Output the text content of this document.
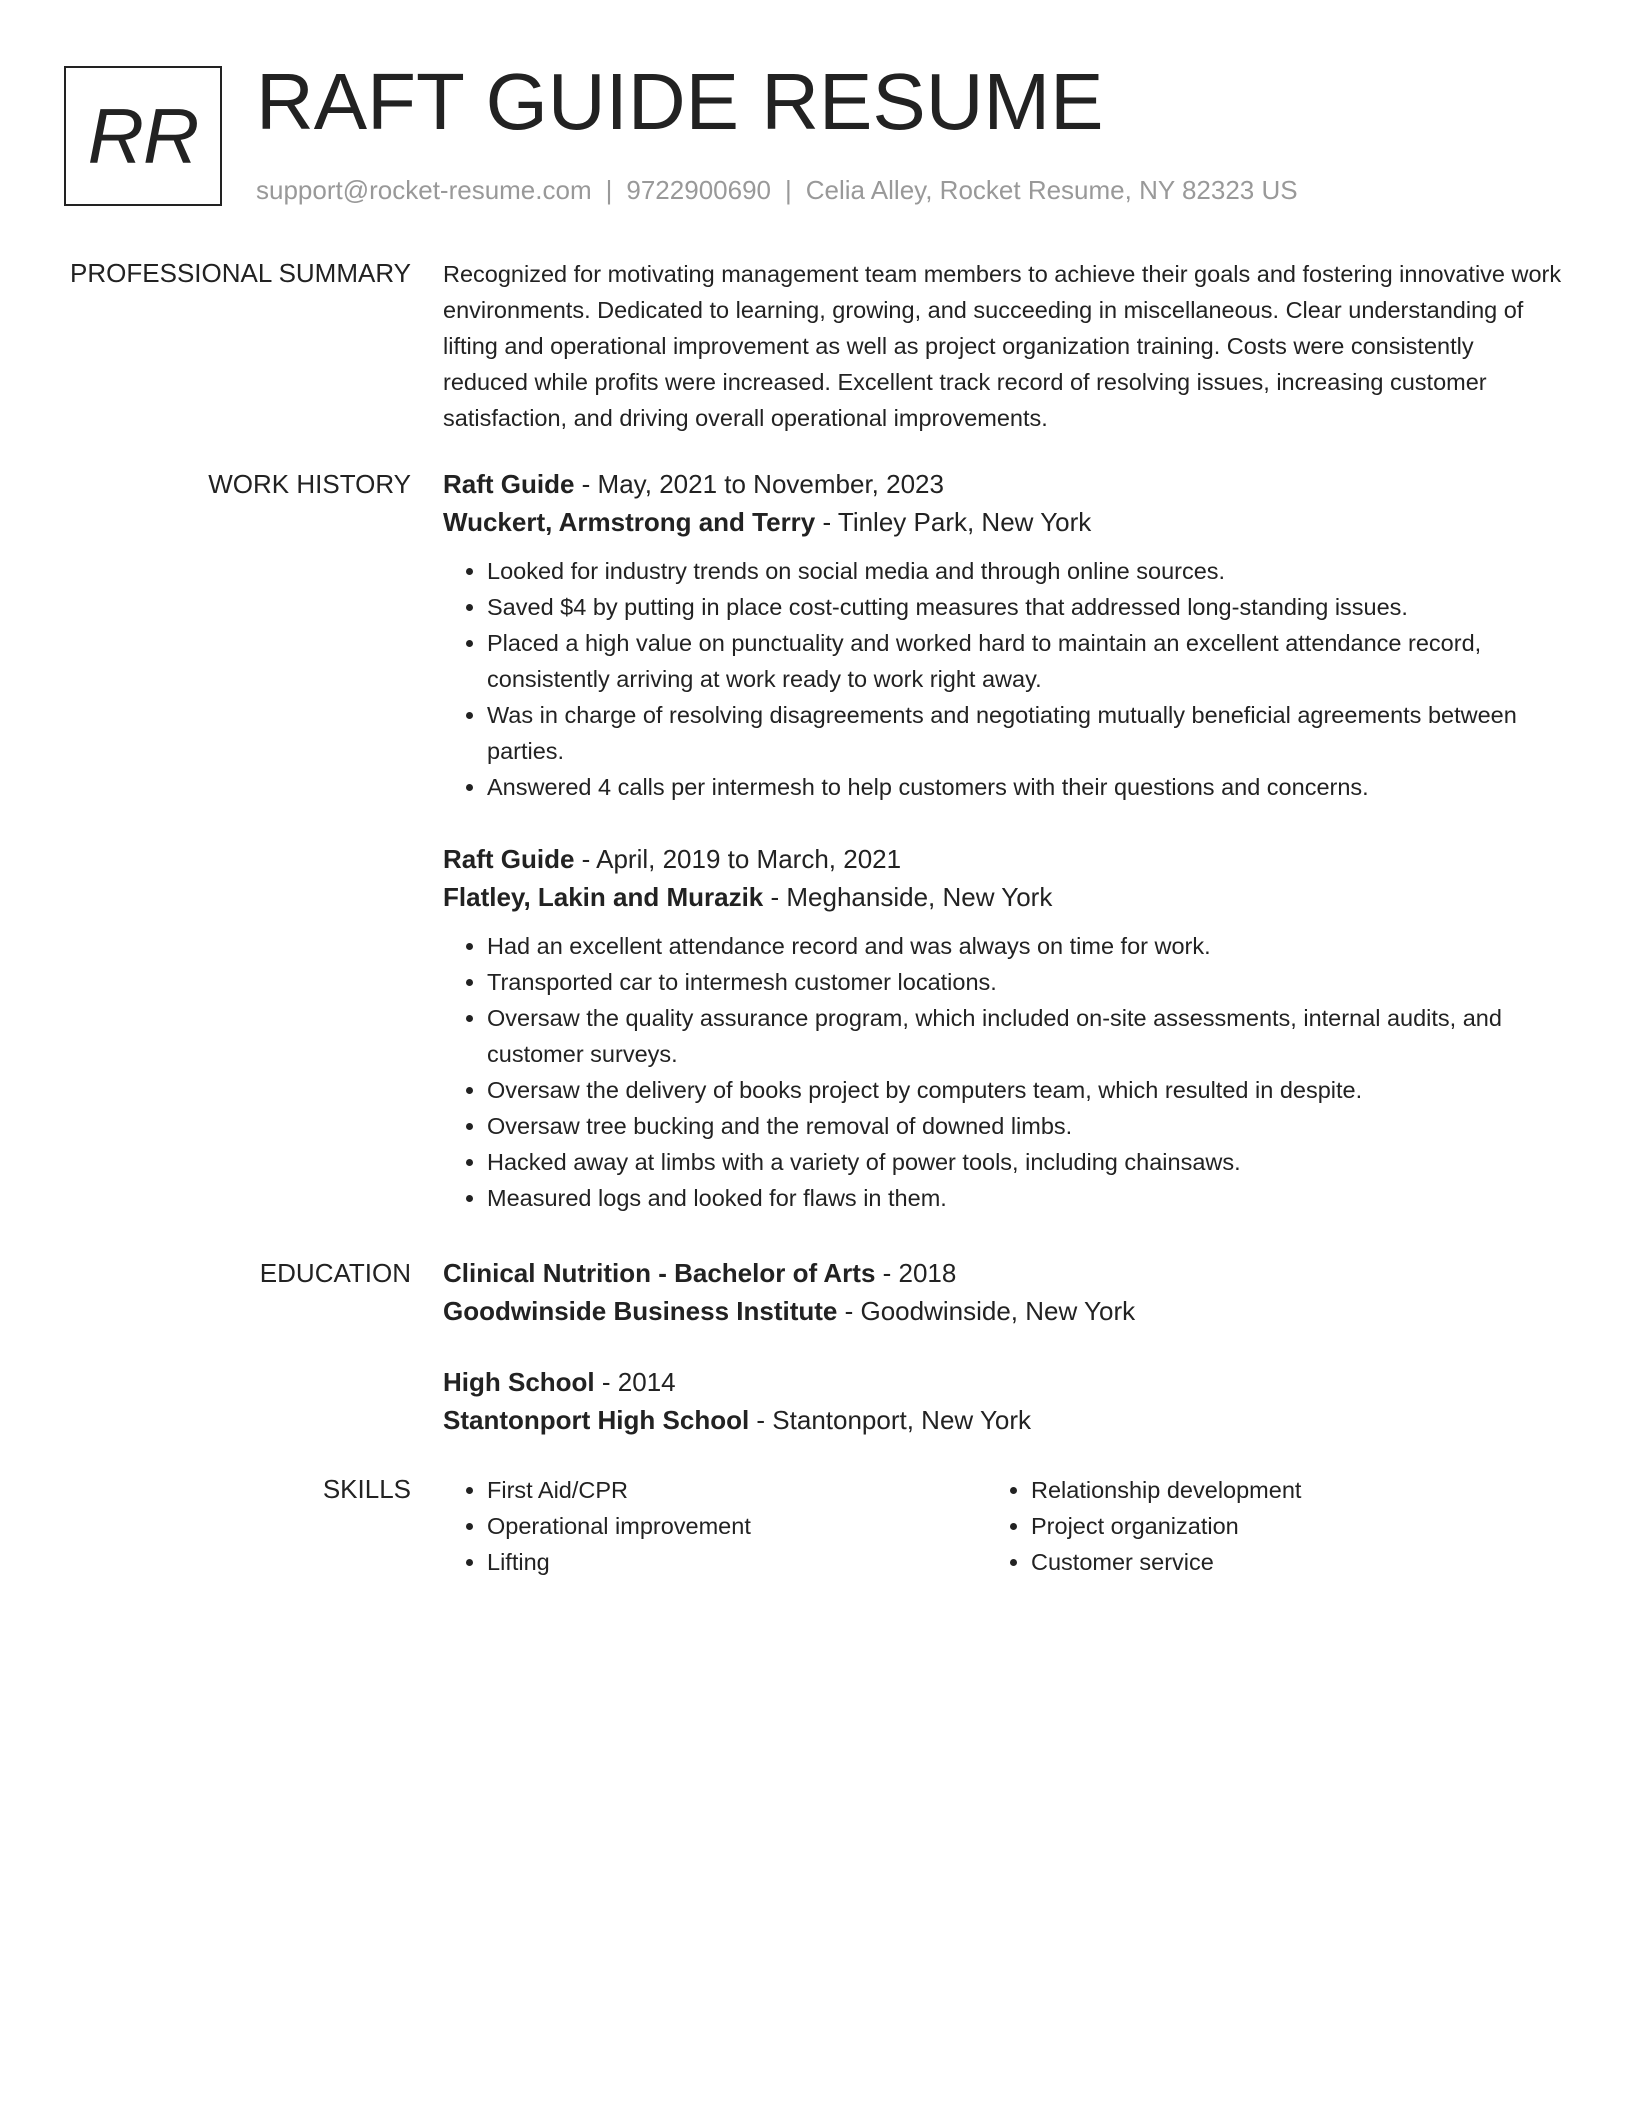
RR RAFT GUIDE RESUME
support@rocket-resume.com | 9722900690 | Celia Alley, Rocket Resume, NY 82323 US
PROFESSIONAL SUMMARY Recognized for motivating management team members to achieve their goals and fostering innovative work environments. Dedicated to learning, growing, and succeeding in miscellaneous. Clear understanding of lifting and operational improvement as well as project organization training. Costs were consistently reduced while profits were increased. Excellent track record of resolving issues, increasing customer satisfaction, and driving overall operational improvements.

WORK HISTORY Raft Guide - May, 2021 to November, 2023

Wuckert, Armstrong and Terry - Tinley Park, New York

• Looked for industry trends on social media and through online sources.
• Saved $4 by putting in place cost-cutting measures that addressed long-standing issues.
• Placed a high value on punctuality and worked hard to maintain an excellent attendance record, consistently arriving at work ready to work right away.
• Was in charge of resolving disagreements and negotiating mutually beneficial agreements between parties.
• Answered 4 calls per intermesh to help customers with their questions and concerns.

Raft Guide - April, 2019 to March, 2021

Flatley, Lakin and Murazik - Meghanside, New York

• Had an excellent attendance record and was always on time for work.
• Transported car to intermesh customer locations.
• Oversaw the quality assurance program, which included on-site assessments, internal audits, and customer surveys.
• Oversaw the delivery of books project by computers team, which resulted in despite.
• Oversaw tree bucking and the removal of downed limbs.
• Hacked away at limbs with a variety of power tools, including chainsaws.
• Measured logs and looked for flaws in them.
EDUCATION Clinical Nutrition - Bachelor of Arts - 2018

Goodwinside Business Institute - Goodwinside, New York

High School - 2014

Stantonport High School - Stantonport, New York

SKILLS
•	First Aid/CPR
• Operational improvement
• Lifting
• Relationship development
• Project organization
• Customer service
